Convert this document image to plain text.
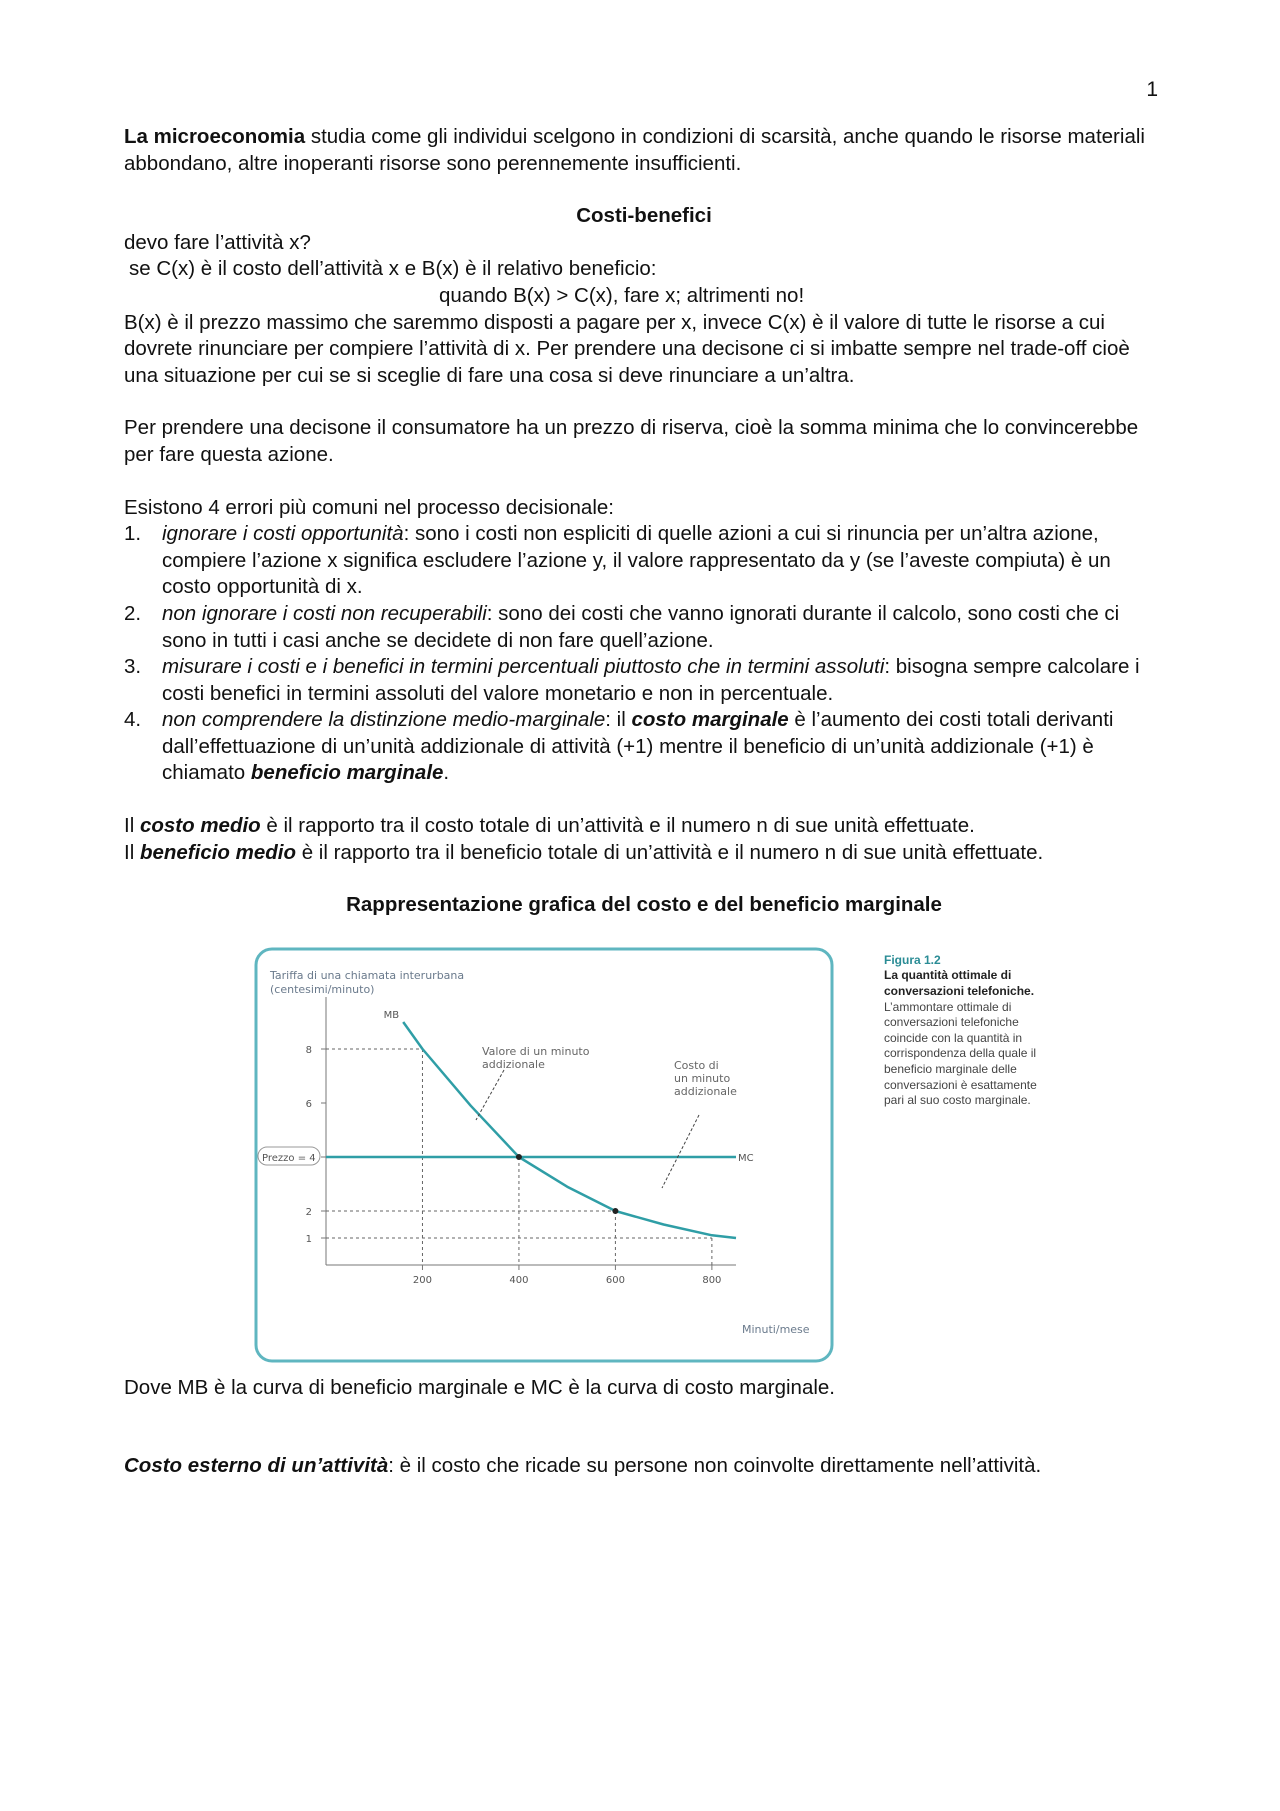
1

La microeconomia studia come gli individui scelgono in condizioni di scarsità, anche quando le risorse materiali abbondano, altre inoperanti risorse sono perennemente insufficienti.

Costi-benefici

devo fare l’attività x?

se C(x) è il costo dell’attività x e B(x) è il relativo beneficio:

quando B(x) > C(x), fare x; altrimenti no!

B(x) è il prezzo massimo che saremmo disposti a pagare per x, invece C(x) è il valore di tutte le risorse a cui dovrete rinunciare per compiere l’attività di x. Per prendere una decisone ci si imbatte sempre nel trade-off cioè una situazione per cui se si sceglie di fare una cosa si deve rinunciare a un’altra.

Per prendere una decisone il consumatore ha un prezzo di riserva, cioè la somma minima che lo convincerebbe per fare questa azione.

Esistono 4 errori più comuni nel processo decisionale:

1. ignorare i costi opportunità: sono i costi non espliciti di quelle azioni a cui si rinuncia per un’altra azione, compiere l’azione x significa escludere l’azione y, il valore rappresentato da y (se l’aveste compiuta) è un costo opportunità di x.
2. non ignorare i costi non recuperabili: sono dei costi che vanno ignorati durante il calcolo, sono costi che ci sono in tutti i casi anche se decidete di non fare quell’azione.
3. misurare i costi e i benefici in termini percentuali piuttosto che in termini assoluti: bisogna sempre calcolare i costi benefici in termini assoluti del valore monetario e non in percentuale.
4. non comprendere la distinzione medio-marginale: il costo marginale è l’aumento dei costi totali derivanti dall’effettuazione di un’unità addizionale di attività (+1) mentre il beneficio di un’unità addizionale (+1) è chiamato beneficio marginale.

Il costo medio è il rapporto tra il costo totale di un’attività e il numero n di sue unità effettuate.

Il beneficio medio è il rapporto tra il beneficio totale di un’attività e il numero n di sue unità effettuate.

Rappresentazione grafica del costo e del beneficio marginale

Tariffa di una chiamata interurbana (centesimi/minuto)
Minuti/mese
MB
MC
1
2
Prezzo = 4
6
8
200	400	600	800
Valore di un minuto addizionale	Costo di un minuto addizionale
Figura 1.2
La quantità ottimale di conversazioni telefoniche.
L’ammontare ottimale di conversazioni telefoniche coincide con la quantità in corrispondenza della quale il beneficio marginale delle conversazioni è esattamente pari al suo costo marginale.

Dove MB è la curva di beneficio marginale e MC è la curva di costo marginale.

Costo esterno di un’attività: è il costo che ricade su persone non coinvolte direttamente nell’attività.
